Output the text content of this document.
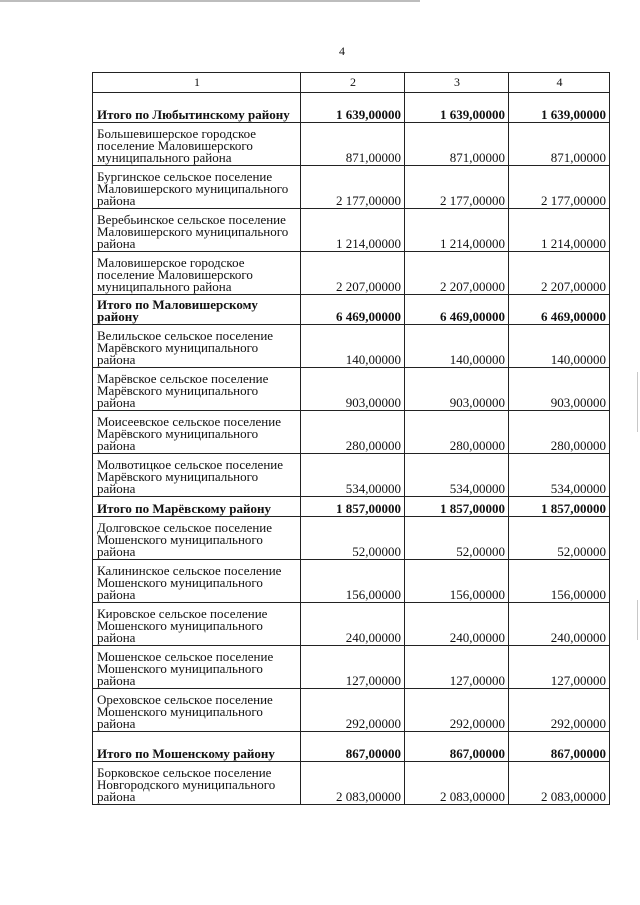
4
1	2	3	4
Итого по Любытинскому району	1 639,00000	1 639,00000	1 639,00000
Большевишерское городское поселение Маловишерского муниципального района	871,00000	871,00000	871,00000
Бургинское сельское поселение Маловишерского муниципального района	2 177,00000	2 177,00000	2 177,00000
Веребьинское сельское поселение Маловишерского муниципального района	1 214,00000	1 214,00000	1 214,00000
Маловишерское городское поселение Маловишерского муниципального района	2 207,00000	2 207,00000	2 207,00000
Итого по Маловишерскому району	6 469,00000	6 469,00000	6 469,00000
Велильское сельское поселение Марёвского муниципального района	140,00000	140,00000	140,00000
Марёвское сельское поселение Марёвского муниципального района	903,00000	903,00000	903,00000
Моисеевское сельское поселение Марёвского муниципального района	280,00000	280,00000	280,00000
Молвотицкое сельское поселение Марёвского муниципального района	534,00000	534,00000	534,00000
Итого по Марёвскому району	1 857,00000	1 857,00000	1 857,00000
Долговское сельское поселение Мошенского муниципального района	52,00000	52,00000	52,00000
Калининское сельское поселение Мошенского муниципального района	156,00000	156,00000	156,00000
Кировское сельское поселение Мошенского муниципального района	240,00000	240,00000	240,00000
Мошенское сельское поселение Мошенского муниципального района	127,00000	127,00000	127,00000
Ореховское сельское поселение Мошенского муниципального района	292,00000	292,00000	292,00000
Итого по Мошенскому району	867,00000	867,00000	867,00000
Борковское сельское поселение Новгородского муниципального района	2 083,00000	2 083,00000	2 083,00000
